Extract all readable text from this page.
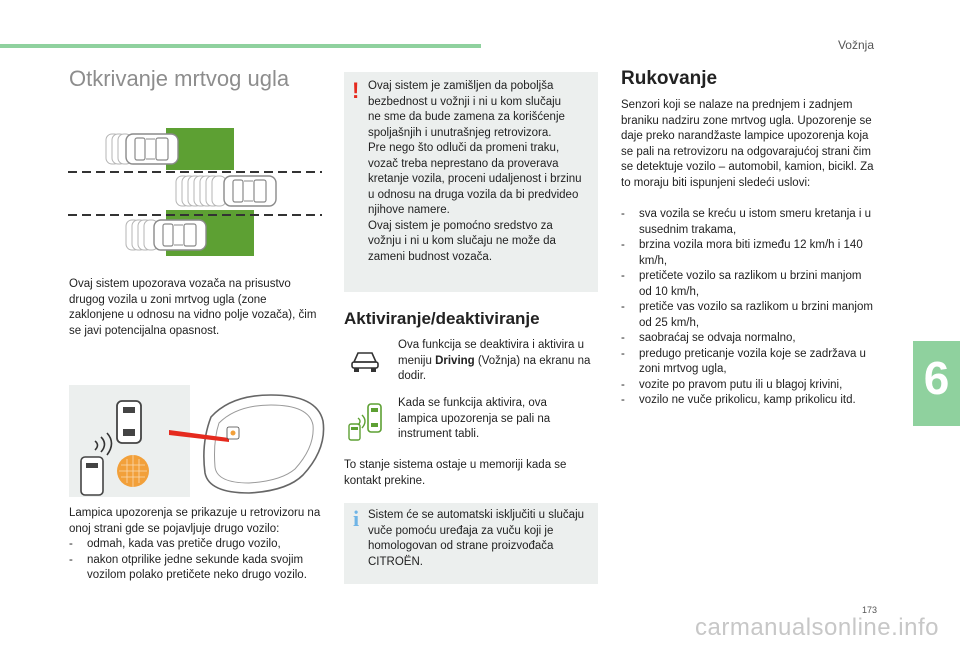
Vožnja
6
Otkrivanje mrtvog ugla

Ovaj sistem upozorava vozača na prisustvo drugog vozila u zoni mrtvog ugla (zone zaklonjene u odnosu na vidno polje vozača), čim se javi potencijalna opasnost.

Lampica upozorenja se prikazuje u retrovizoru na onoj strani gde se pojavljuje drugo vozilo:

- odmah, kada vas pretiče drugo vozilo,
- nakon otprilike jedne sekunde kada svojim vozilom polako pretičete neko drugo vozilo.
! Ovaj sistem je zamišljen da poboljša
bezbednost u vožnji i ni u kom slučaju
ne sme da bude zamena za korišćenje
spoljašnjih i unutrašnjeg retrovizora.
Pre nego što odluči da promeni traku,
vozač treba neprestano da proverava
kretanje vozila, proceni udaljenost i brzinu
u odnosu na druga vozila da bi predvideo
njihove namere.
Ovaj sistem je pomoćno sredstvo za
vožnju i ni u kom slučaju ne može da
zameni budnost vozača.
Aktiviranje/deaktiviranje

Ova funkcija se deaktivira i aktivira u meniju Driving (Vožnja) na ekranu na dodir.

Kada se funkcija aktivira, ova lampica upozorenja se pali na instrument tabli.

To stanje sistema ostaje u memoriji kada se kontakt prekine.

i Sistem će se automatski isključiti u slučaju vuče pomoću uređaja za vuču koji je homologovan od strane proizvođača CITROËN.

Rukovanje

Senzori koji se nalaze na prednjem i zadnjem braniku nadziru zone mrtvog ugla. Upozorenje se daje preko narandžaste lampice upozorenja koja se pali na retrovizoru na odgovarajućoj strani čim se detektuje vozilo – automobil, kamion, bicikl. Za to moraju biti ispunjeni sledeći uslovi:

- sva vozila se kreću u istom smeru kretanja i u susednim trakama,
- brzina vozila mora biti između 12 km/h i 140 km/h,
- pretičete vozilo sa razlikom u brzini manjom od 10 km/h,
- pretiče vas vozilo sa razlikom u brzini manjom od 25 km/h,
- saobraćaj se odvaja normalno,
- predugo preticanje vozila koje se zadržava u zoni mrtvog ugla,
- vozite po pravom putu ili u blagoj krivini,
- vozilo ne vuče prikolicu, kamp prikolicu itd.
173
carmanualsonline.info
